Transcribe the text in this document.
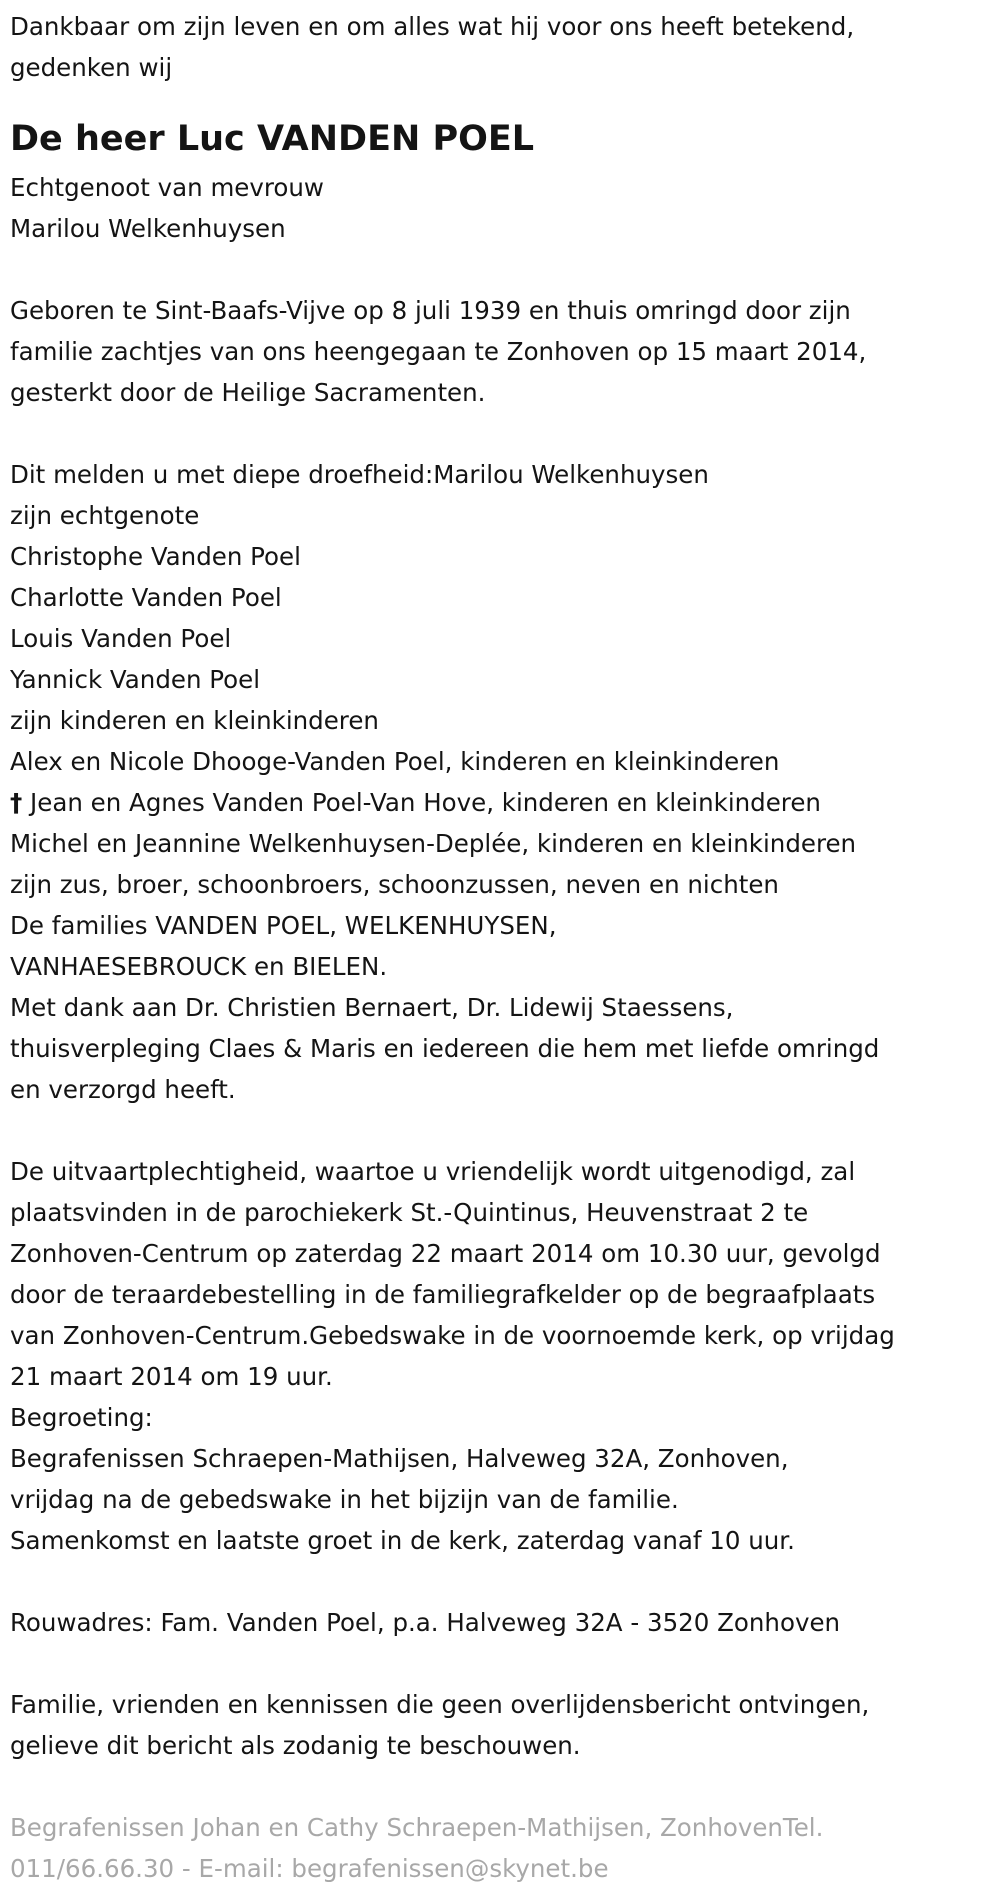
Dankbaar om zijn leven en om alles wat hij voor ons heeft betekend,

gedenken wij

De heer Luc VANDEN POEL

Echtgenoot van mevrouw

Marilou Welkenhuysen

Geboren te Sint-Baafs-Vijve op 8 juli 1939 en thuis omringd door zijn

familie zachtjes van ons heengegaan te Zonhoven op 15 maart 2014,

gesterkt door de Heilige Sacramenten.

Dit melden u met diepe droefheid:Marilou Welkenhuysen

zijn echtgenote

Christophe Vanden Poel

Charlotte Vanden Poel

Louis Vanden Poel

Yannick Vanden Poel

zijn kinderen en kleinkinderen

Alex en Nicole Dhooge-Vanden Poel, kinderen en kleinkinderen

† Jean en Agnes Vanden Poel-Van Hove, kinderen en kleinkinderen

Michel en Jeannine Welkenhuysen-Deplée, kinderen en kleinkinderen

zijn zus, broer, schoonbroers, schoonzussen, neven en nichten

De families VANDEN POEL, WELKENHUYSEN,

VANHAESEBROUCK en BIELEN.

Met dank aan Dr. Christien Bernaert, Dr. Lidewij Staessens,

thuisverpleging Claes & Maris en iedereen die hem met liefde omringd

en verzorgd heeft.

De uitvaartplechtigheid, waartoe u vriendelijk wordt uitgenodigd, zal

plaatsvinden in de parochiekerk St.-Quintinus, Heuvenstraat 2 te

Zonhoven-Centrum op zaterdag 22 maart 2014 om 10.30 uur, gevolgd

door de teraardebestelling in de familiegrafkelder op de begraafplaats

van Zonhoven-Centrum.Gebedswake in de voornoemde kerk, op vrijdag

21 maart 2014 om 19 uur.

Begroeting:

Begrafenissen Schraepen-Mathijsen, Halveweg 32A, Zonhoven,

vrijdag na de gebedswake in het bijzijn van de familie.

Samenkomst en laatste groet in de kerk, zaterdag vanaf 10 uur.

Rouwadres: Fam. Vanden Poel, p.a. Halveweg 32A - 3520 Zonhoven

Familie, vrienden en kennissen die geen overlijdensbericht ontvingen,

gelieve dit bericht als zodanig te beschouwen.

Begrafenissen Johan en Cathy Schraepen-Mathijsen, ZonhovenTel.

011/66.66.30 - E-mail: begrafenissen@skynet.be
